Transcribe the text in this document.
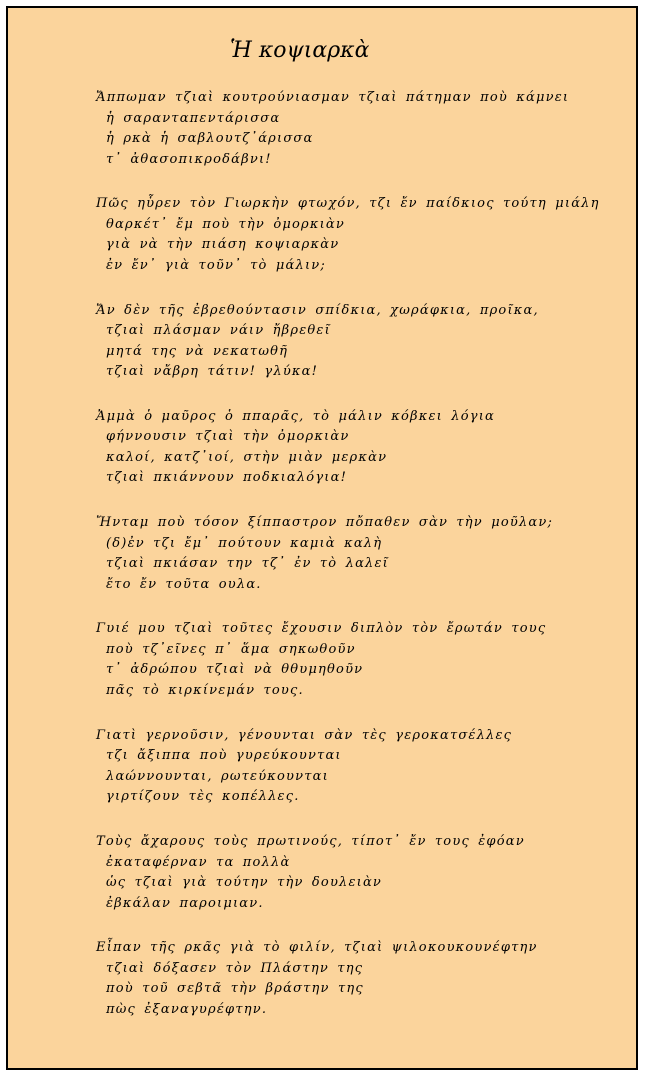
Ἡ κοψιαρκὰ
Ἄππωμαν τζιαὶ κουτρούνιασμαν τζιαὶ πάτημαν ποὺ κάμνει
ἡ σαρανταπεντάρισσα
ἡ ρκὰ ἡ σαβλουτζ᾽άρισσα
τ᾽ ἀθασοπικροδάβνι!
Πῶς ηὗρεν τὸν Γιωρκὴν φτωχόν, τζι ἔν παίδκιος τούτη μιάλη
θαρκέτ᾽ ἔμ ποὺ τὴν ὀμορκιὰν
γιὰ νὰ τὴν πιάση κοψιαρκὰν
ἐν ἔν᾽ γιὰ τοῦν᾽ τὸ μάλιν;
Ἄν δὲν τῆς ἐβρεθούντασιν σπίδκια, χωράφκια, προῖκα,
τζιαὶ πλάσμαν νάιν ἤβρεθεῖ
μητά της νὰ νεκατωθῆ
τζιαὶ νἄβρη τάτιν! γλύκα!
Ἀμμὰ ὁ μαῦρος ὁ ππαρᾶς, τὸ μάλιν κόβκει λόγια
φήννουσιν τζιαὶ τὴν ὀμορκιὰν
καλοί, κατζ᾽ιοί, στὴν μιὰν μερκὰν
τζιαὶ πκιάννουν ποδκιαλόγια!
Ἤνταμ ποὺ τόσον ξίππαστρον πὄπαθεν σὰν τὴν μοῦλαν;
(δ)ἐν τζι ἔμ᾽ πούτουν καμιὰ καλὴ
τζιαὶ πκιάσαν την τζ᾽ ἐν τὸ λαλεῖ
ἔτο ἔν τοῦτα ουλα.
Γυιέ μου τζιαὶ τοῦτες ἔχουσιν διπλὸν τὸν ἔρωτάν τους
ποὺ τζ᾽εῖνες π᾽ ἅμα σηκωθοῦν
τ᾽ ἀδρώπου τζιαὶ νὰ θθυμηθοῦν
πᾶς τὸ κιρκίνεμάν τους.
Γιατὶ γερνοῦσιν, γένουνται σὰν τὲς γεροκατσέλλες
τζι ἄξιππα ποὺ γυρεύκουνται
λαώννουνται, ρωτεύκουνται
γιρτίζουν τὲς κοπέλλες.
Τοὺς ἄχαρους τοὺς πρωτινούς, τίποτ᾽ ἔν τους ἐφόαν
ἐκαταφέρναν τα πολλὰ
ὡς τζιαὶ γιὰ τούτην τὴν δουλειὰν
ἐβκάλαν παροιμιαν.
Εἶπαν τῆς ρκᾶς γιὰ τὸ φιλίν, τζιαὶ ψιλοκουκουνέφτην
τζιαὶ δόξασεν τὸν Πλάστην της
ποὺ τοῦ σεβτᾶ τὴν βράστην της
πὼς ἐξαναγυρέφτην.
